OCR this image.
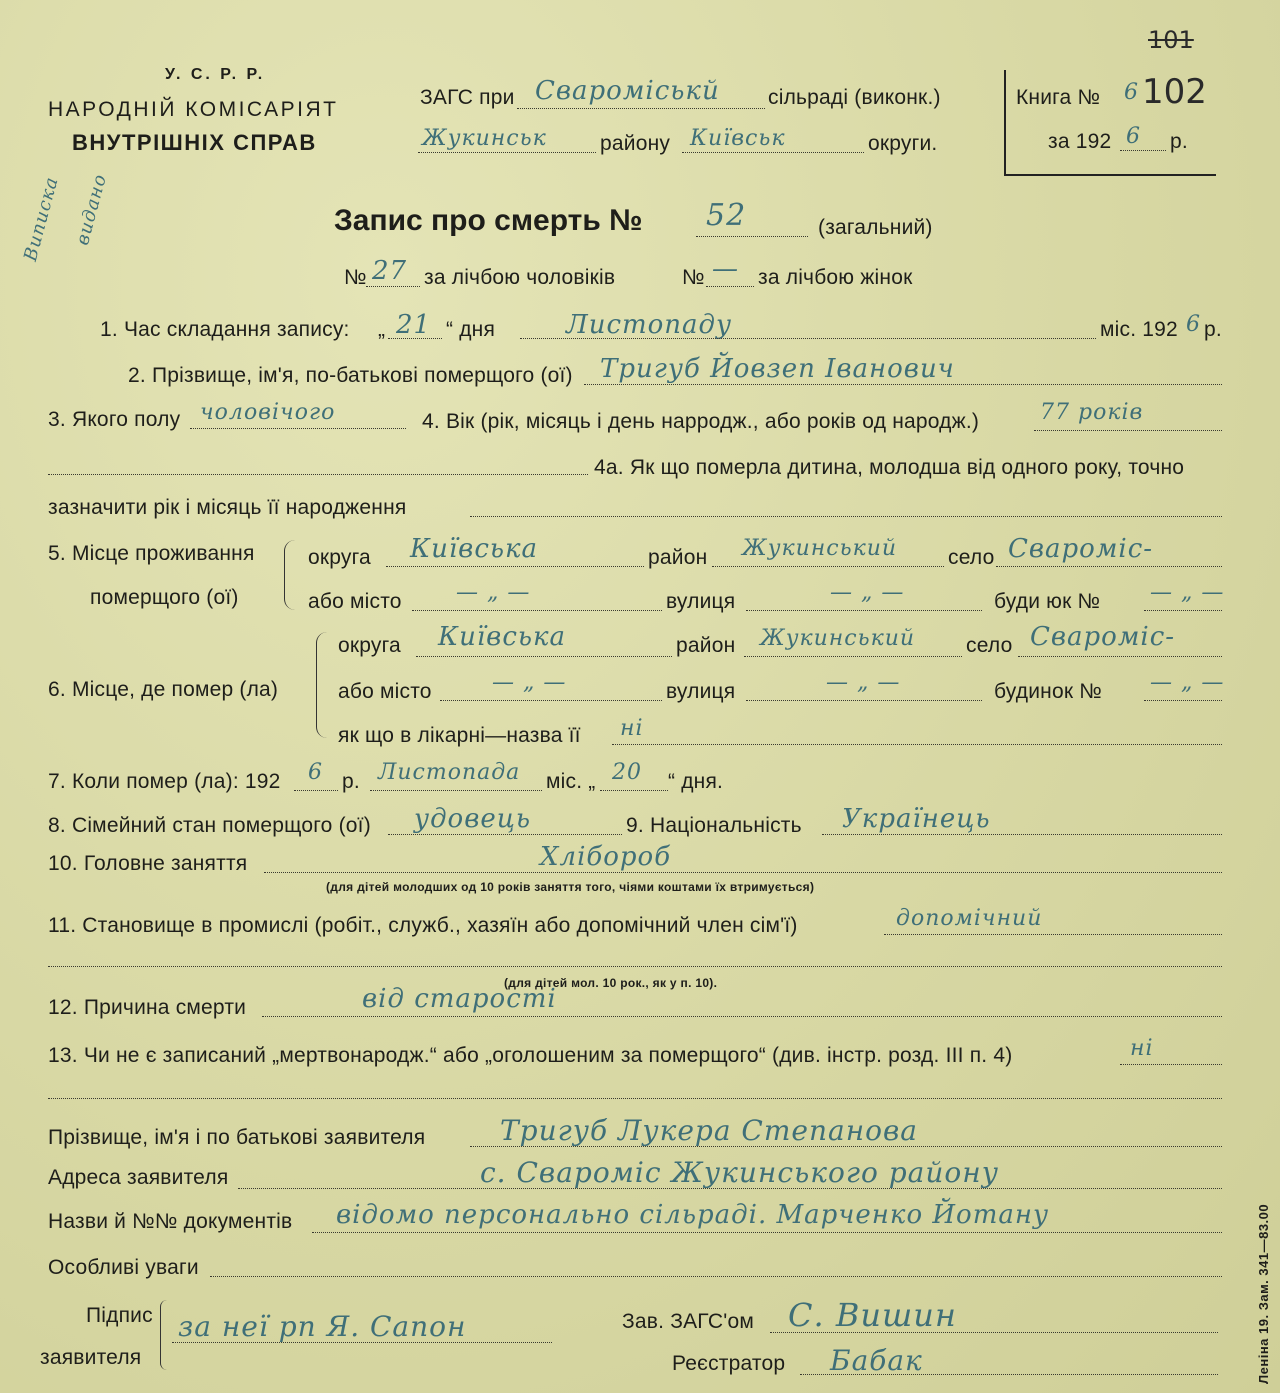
У. С. Р. Р.
НАРОДНІЙ КОМІСАРІЯТ
ВНУТРІШНІХ СПРАВ
ЗАГС при Свароміськй сільраді (виконк.)
Жукинськ	району Київськ	округи.
Книга № 6 102
101
за 192 6 р.
Виписка видано	Запис про смерть № 52	(загальний)
№ 27 за лічбою чоловіків	№ — за лічбою жінок
1. Час складання запису: „ 21 “ дня	Листопаду	міс. 192 6 р.
2. Прізвище, ім'я, по-батькові померщого (ої) Тригуб Йовзеп Іванович
3. Якого полу чоловічого	4. Вік (рік, місяць і день нарродж., або років од народж.)	77 років
4а. Як що померла дитина, молодша від одного року, точно
зазначити рік і місяць її народження
5. Місце проживання
померщого (ої)
округа Київська	район Жукинський село Свароміс-
або місто — „ —	вулиця	— „ —	буди юк № — „ —
6. Місце, де помер (ла)
округа Київська	район Жукинський село Свароміс-
або місто	— „ —	вулиця	— „ —	будинок № — „ —
як що в лікарні—назва її ні
7. Коли помер (ла): 192 6 р. Листопада міс. „ 20 “ дня.
8. Сімейний стан померщого (ої) удовець	9. Національність Українець
10. Головне заняття	Хлібороб
(для дітей молодших од 10 років заняття того, чіями коштами їх втримується)
11. Становище в промислі (робіт., служб., хазяїн або допомічний член сім'ї)	допомічний
(для дітей мол. 10 рок., як у п. 10).
12. Причина смерти	від старості
13. Чи не є записаний „мертвонародж.“ або „оголошеним за померщого“ (див. інстр. розд. III п. 4)	ні
Прізвище, ім'я і по батькові заявителя	Тригуб Лукера Степанова
Адреса заявителя	с. Свароміс Жукинського району
Назви й №№ документів відомо персонально сільраді. Марченко Йотану
Особливі уваги
Підпис
заявителя
за неї рп Я. Сапон	Зав. ЗАГС'ом С. Вишин
Реєстратор Бабак	Леніна 19. Зам. 341—83.00
